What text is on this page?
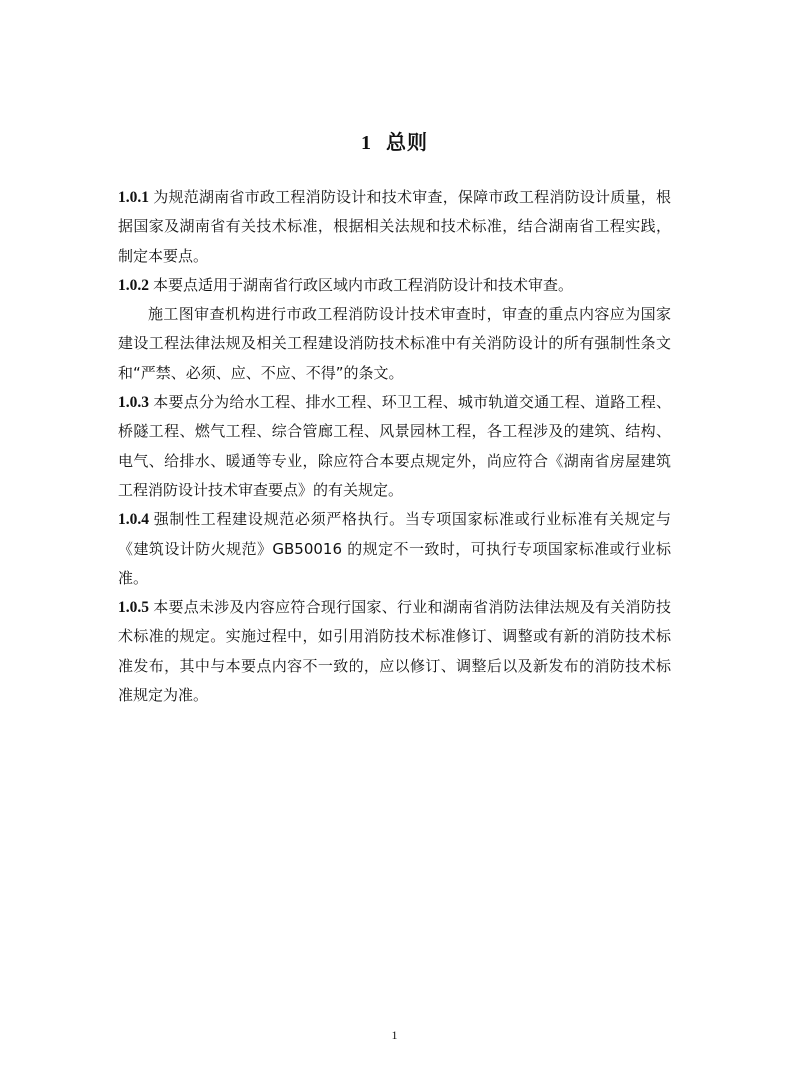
1 总则

1.0.1 为规范湖南省市政工程消防设计和技术审查，保障市政工程消防设计质量，根据国家及湖南省有关技术标准，根据相关法规和技术标准，结合湖南省工程实践，制定本要点。

1.0.2 本要点适用于湖南省行政区域内市政工程消防设计和技术审查。

施工图审查机构进行市政工程消防设计技术审查时，审查的重点内容应为国家建设工程法律法规及相关工程建设消防技术标准中有关消防设计的所有强制性条文和“严禁、必须、应、不应、不得”的条文。

1.0.3 本要点分为给水工程、排水工程、环卫工程、城市轨道交通工程、道路工程、桥隧工程、燃气工程、综合管廊工程、风景园林工程，各工程涉及的建筑、结构、电气、给排水、暖通等专业，除应符合本要点规定外，尚应符合《湖南省房屋建筑工程消防设计技术审查要点》的有关规定。

1.0.4 强制性工程建设规范必须严格执行。当专项国家标准或行业标准有关规定与《建筑设计防火规范》GB50016 的规定不一致时，可执行专项国家标准或行业标准。

1.0.5 本要点未涉及内容应符合现行国家、行业和湖南省消防法律法规及有关消防技术标准的规定。实施过程中，如引用消防技术标准修订、调整或有新的消防技术标准发布，其中与本要点内容不一致的，应以修订、调整后以及新发布的消防技术标准规定为准。

1
